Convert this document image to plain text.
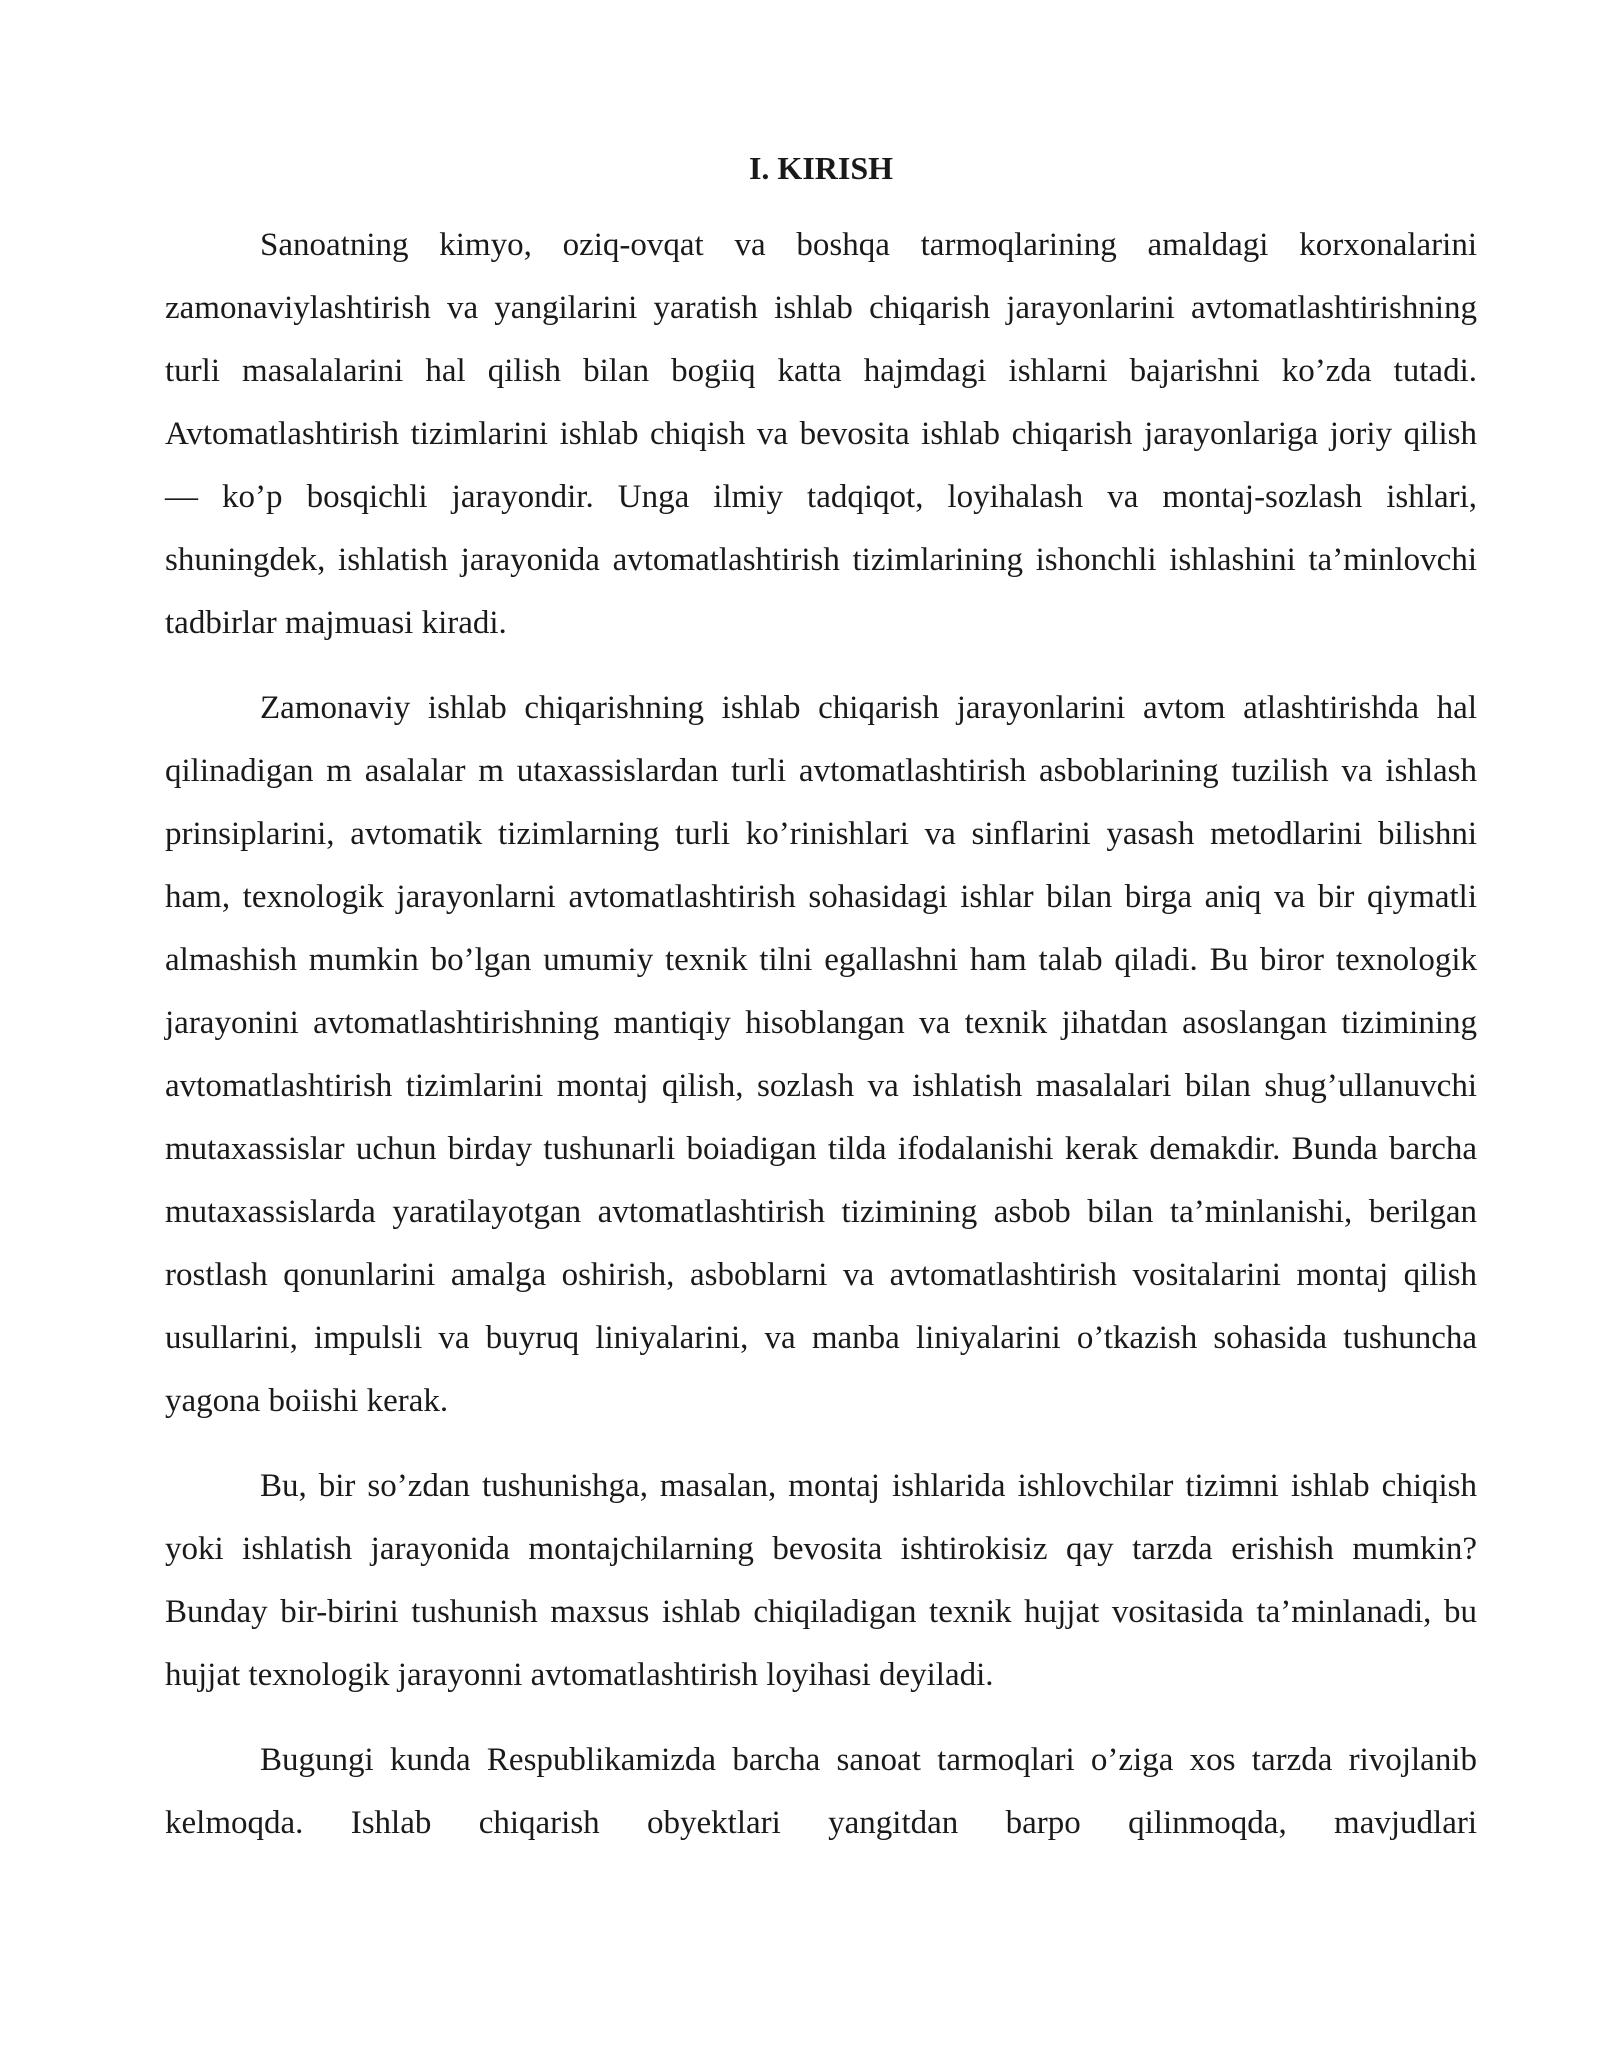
I. KIRISH

Sanoatning kimyo, oziq-ovqat va boshqa tarmoqlarining amaldagi korxonalarini zamonaviylashtirish va yangilarini yaratish ishlab chiqarish jarayonlarini avtomatlashtirishning turli masalalarini hal qilish bilan bogiiq katta hajmdagi ishlarni bajarishni ko’zda tutadi. Avtomatlashtirish tizimlarini ishlab chiqish va bevosita ishlab chiqarish jarayonlariga joriy qilish — ko’p bosqichli jarayondir. Unga ilmiy tadqiqot, loyihalash va montaj-sozlash ishlari, shuningdek, ishlatish jarayonida avtomatlashtirish tizimlarining ishonchli ishlashini ta’minlovchi tadbirlar majmuasi kiradi.

Zamonaviy ishlab chiqarishning ishlab chiqarish jarayonlarini avtom atlashtirishda hal qilinadigan m asalalar m utaxassislardan turli avtomatlashtirish asboblarining tuzilish va ishlash prinsiplarini, avtomatik tizimlarning turli ko’rinishlari va sinflarini yasash metodlarini bilishni ham, texnologik jarayonlarni avtomatlashtirish sohasidagi ishlar bilan birga aniq va bir qiymatli almashish mumkin bo’lgan umumiy texnik tilni egallashni ham talab qiladi. Bu biror texnologik jarayonini avtomatlashtirishning mantiqiy hisoblangan va texnik jihatdan asoslangan tizimining avtomatlashtirish tizimlarini montaj qilish, sozlash va ishlatish masalalari bilan shug’ullanuvchi mutaxassislar uchun birday tushunarli boiadigan tilda ifodalanishi kerak demakdir. Bunda barcha mutaxassislarda yaratilayotgan avtomatlashtirish tizimining asbob bilan ta’minlanishi, berilgan rostlash qonunlarini amalga oshirish, asboblarni va avtomatlashtirish vositalarini montaj qilish usullarini, impulsli va buyruq liniyalarini, va manba liniyalarini o’tkazish sohasida tushuncha yagona boiishi kerak.

Bu, bir so’zdan tushunishga, masalan, montaj ishlarida ishlovchilar tizimni ishlab chiqish yoki ishlatish jarayonida montajchilarning bevosita ishtirokisiz qay tarzda erishish mumkin? Bunday bir-birini tushunish maxsus ishlab chiqiladigan texnik hujjat vositasida ta’minlanadi, bu hujjat texnologik jarayonni avtomatlashtirish loyihasi deyiladi.

Bugungi kunda Respublikamizda barcha sanoat tarmoqlari o’ziga xos tarzda rivojlanib kelmoqda. Ishlab chiqarish obyektlari yangitdan barpo qilinmoqda, mavjudlari
